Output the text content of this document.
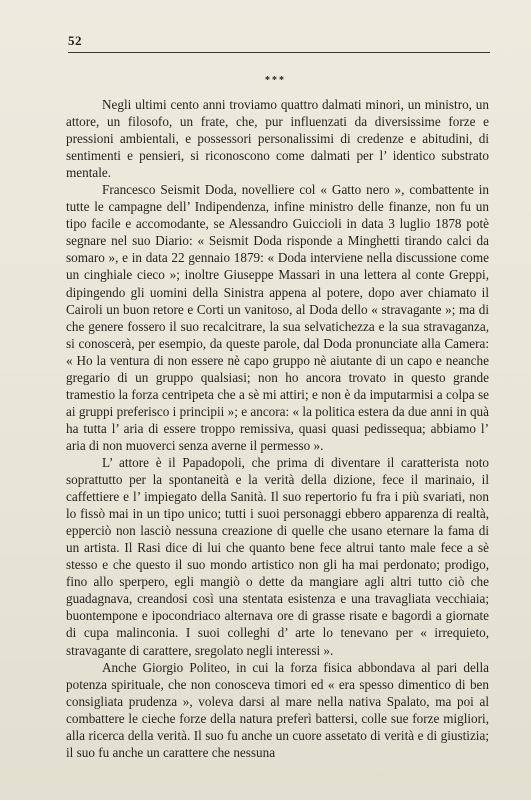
52
***

Negli ultimi cento anni troviamo quattro dalmati minori, un ministro, un attore, un filosofo, un frate, che, pur influenzati da diversissime forze e pressioni ambientali, e possessori personalissimi di credenze e abitudini, di sentimenti e pensieri, si riconoscono come dalmati per l’ identico substrato mentale.

Francesco Seismit Doda, novelliere col « Gatto nero », combattente in tutte le campagne dell’ Indipendenza, infine ministro delle finanze, non fu un tipo facile e accomodante, se Alessandro Guiccioli in data 3 luglio 1878 potè segnare nel suo Diario: « Seismit Doda risponde a Minghetti tirando calci da somaro », e in data 22 gennaio 1879: « Doda interviene nella discussione come un cinghiale cieco »; inoltre Giuseppe Massari in una lettera al conte Greppi, dipingendo gli uomini della Sinistra appena al potere, dopo aver chiamato il Cairoli un buon retore e Corti un vanitoso, al Doda dello « stravagante »; ma di che genere fossero il suo recalcitrare, la sua selvatichezza e la sua stravaganza, si conoscerà, per esempio, da queste parole, dal Doda pronunciate alla Camera: « Ho la ventura di non essere nè capo gruppo nè aiutante di un capo e neanche gregario di un gruppo qualsiasi; non ho ancora trovato in questo grande tramestio la forza centripeta che a sè mi attiri; e non è da imputarmisi a colpa se ai gruppi preferisco i principii »; e ancora: « la politica estera da due anni in quà ha tutta l’ aria di essere troppo remissiva, quasi quasi pedissequa; abbiamo l’ aria di non muoverci senza averne il permesso ».

L’ attore è il Papadopoli, che prima di diventare il caratterista noto soprattutto per la spontaneità e la verità della dizione, fece il marinaio, il caffettiere e l’ impiegato della Sanità. Il suo repertorio fu fra i più svariati, non lo fissò mai in un tipo unico; tutti i suoi personaggi ebbero apparenza di realtà, epperciò non lasciò nessuna creazione di quelle che usano eternare la fama di un artista. Il Rasi dice di lui che quanto bene fece altrui tanto male fece a sè stesso e che questo il suo mondo artistico non gli ha mai perdonato; prodigo, fino allo sperpero, egli mangiò o dette da mangiare agli altri tutto ciò che guadagnava, creandosi così una stentata esistenza e una travagliata vecchiaia; buontempone e ipocondriaco alternava ore di grasse risate e bagordi a giornate di cupa malinconia. I suoi colleghi d’ arte lo tenevano per « irrequieto, stravagante di carattere, sregolato negli interessi ».

Anche Giorgio Politeo, in cui la forza fisica abbondava al pari della potenza spirituale, che non conosceva timori ed « era spesso dimentico di ben consigliata prudenza », voleva darsi al mare nella nativa Spalato, ma poi al combattere le cieche forze della natura preferì battersi, colle sue forze migliori, alla ricerca della verità. Il suo fu anche un cuore assetato di verità e di giustizia; il suo fu anche un carattere che nessuna
